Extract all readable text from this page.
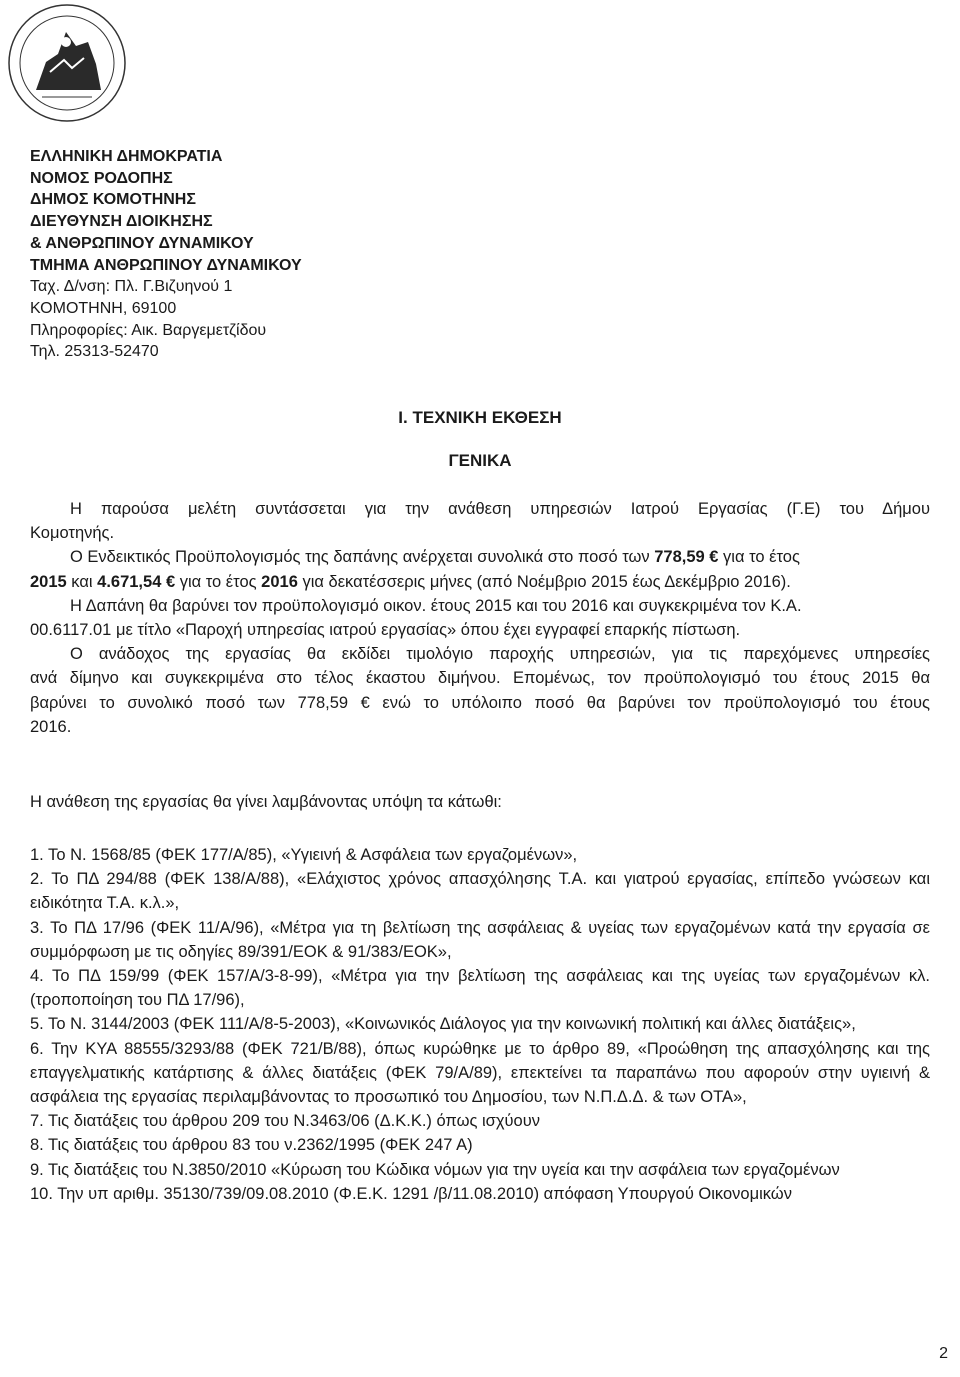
ΕΛΛΗΝΙΚΗ ΔΗΜΟΚΡΑΤΙΑ
ΝΟΜΟΣ ΡΟΔΟΠΗΣ
ΔΗΜΟΣ ΚΟΜΟΤΗΝΗΣ
ΔΙΕΥΘΥΝΣΗ ΔΙΟΙΚΗΣΗΣ
& ΑΝΘΡΩΠΙΝΟΥ ΔΥΝΑΜΙΚΟΥ
ΤΜΗΜΑ ΑΝΘΡΩΠΙΝΟΥ ΔΥΝΑΜΙΚΟΥ
Ταχ. Δ/νση: Πλ. Γ.Βιζυηνού 1
ΚΟΜΟΤΗΝΗ, 69100
Πληροφορίες: Αικ. Βαργεμετζίδου
Τηλ. 25313-52470
Ι. ΤΕΧΝΙΚΗ ΕΚΘΕΣΗ
ΓΕΝΙΚΑ
Η παρούσα μελέτη συντάσσεται για την ανάθεση υπηρεσιών Ιατρού Εργασίας (Γ.Ε) του Δήμου
Κομοτηνής.
Ο Ενδεικτικός Προϋπολογισμός της δαπάνης ανέρχεται συνολικά στο ποσό των 778,59 € για το έτος
2015 και 4.671,54 € για το έτος 2016 για δεκατέσσερις μήνες (από Νοέμβριο 2015 έως Δεκέμβριο 2016).
Η Δαπάνη θα βαρύνει τον προϋπολογισμό οικον. έτους 2015 και του 2016 και συγκεκριμένα τον Κ.Α.
00.6117.01 με τίτλο «Παροχή υπηρεσίας ιατρού εργασίας» όπου έχει εγγραφεί επαρκής πίστωση.
Ο ανάδοχος της εργασίας θα εκδίδει τιμολόγιο παροχής υπηρεσιών, για τις παρεχόμενες υπηρεσίες
ανά δίμηνο και συγκεκριμένα στο τέλος έκαστου διμήνου. Επομένως, τον προϋπολογισμό του έτους 2015 θα
βαρύνει το συνολικό ποσό των 778,59 € ενώ το υπόλοιπο ποσό θα βαρύνει τον προϋπολογισμό του έτους
2016.
Η ανάθεση της εργασίας θα γίνει λαμβάνοντας υπόψη τα κάτωθι:
1. Το Ν. 1568/85 (ΦΕΚ 177/Α/85), «Υγιεινή & Ασφάλεια των εργαζομένων»,
2. Το ΠΔ 294/88 (ΦΕΚ 138/Α/88), «Ελάχιστος χρόνος απασχόλησης Τ.Α. και γιατρού εργασίας, επίπεδο γνώσεων και ειδικότητα Τ.Α. κ.λ.»,
3. Το ΠΔ 17/96 (ΦΕΚ 11/Α/96), «Μέτρα για τη βελτίωση της ασφάλειας & υγείας των εργαζομένων κατά την εργασία σε συμμόρφωση με τις οδηγίες 89/391/ΕΟΚ & 91/383/ΕΟΚ»,
4. Το ΠΔ 159/99 (ΦΕΚ 157/Α/3-8-99), «Μέτρα για την βελτίωση της ασφάλειας και της υγείας των εργαζομένων κλ. (τροποποίηση του ΠΔ 17/96),
5. Το Ν. 3144/2003 (ΦΕΚ 111/Α/8-5-2003), «Κοινωνικός Διάλογος για την κοινωνική πολιτική και άλλες διατάξεις»,
6. Την ΚΥΑ 88555/3293/88 (ΦΕΚ 721/Β/88), όπως κυρώθηκε με το άρθρο 89, «Προώθηση της απασχόλησης και της επαγγελματικής κατάρτισης & άλλες διατάξεις (ΦΕΚ 79/Α/89), επεκτείνει τα παραπάνω που αφορούν στην υγιεινή & ασφάλεια της εργασίας περιλαμβάνοντας το προσωπικό του Δημοσίου, των Ν.Π.Δ.Δ. & των ΟΤΑ»,
7. Τις διατάξεις του άρθρου 209 του Ν.3463/06 (Δ.Κ.Κ.) όπως ισχύουν
8. Τις διατάξεις του άρθρου 83 του ν.2362/1995 (ΦΕΚ 247 Α)
9. Τις διατάξεις του Ν.3850/2010 «Κύρωση του Κώδικα νόμων για την υγεία και την ασφάλεια των εργαζομένων
10. Την υπ αριθμ. 35130/739/09.08.2010 (Φ.Ε.Κ. 1291 /β/11.08.2010) απόφαση Υπουργού Οικονομικών
2
